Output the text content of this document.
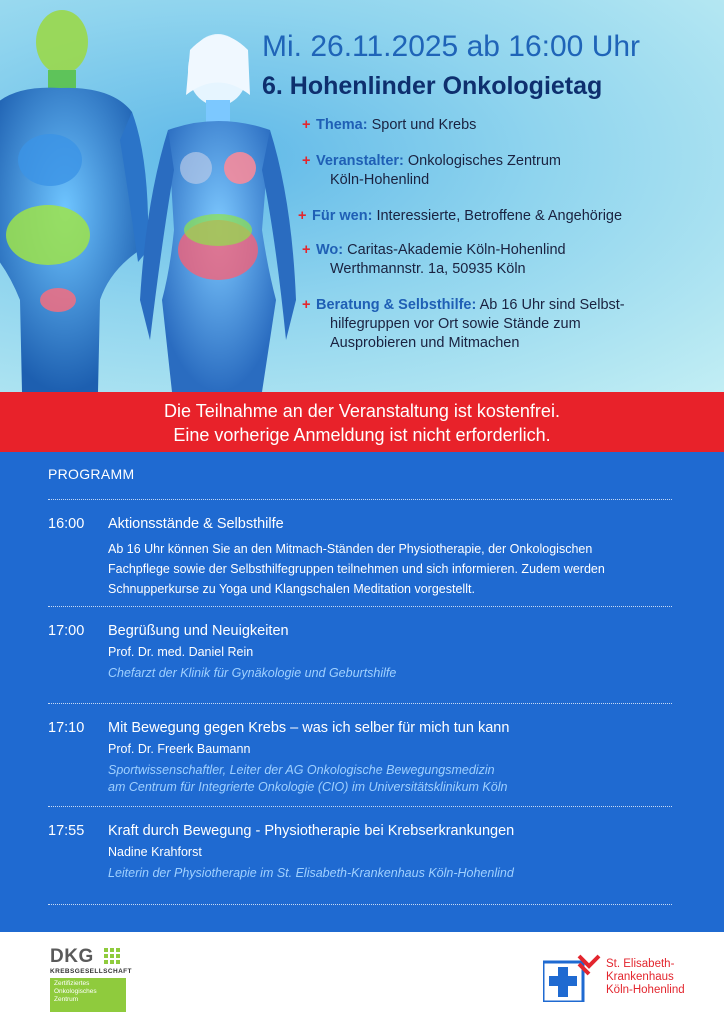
Mi. 26.11.2025 ab 16:00 Uhr
6. Hohenlinder Onkologietag
+ Thema: Sport und Krebs
+ Veranstalter: Onkologisches Zentrum
Köln-Hohenlind
+ Für wen: Interessierte, Betroffene & Angehörige
+ Wo: Caritas-Akademie Köln-Hohenlind
Werthmannstr. 1a, 50935 Köln
+ Beratung & Selbsthilfe: Ab 16 Uhr sind Selbst-
hilfegruppen vor Ort sowie Stände zum
Ausprobieren und Mitmachen
Die Teilnahme an der Veranstaltung ist kostenfrei.
Eine vorherige Anmeldung ist nicht erforderlich.
PROGRAMM
16:00 Aktionsstände & Selbsthilfe
Ab 16 Uhr können Sie an den Mitmach-Ständen der Physiotherapie, der Onkologischen
Fachpflege sowie der Selbsthilfegruppen teilnehmen und sich informieren. Zudem werden
Schnupperkurse zu Yoga und Klangschalen Meditation vorgestellt.
17:00 Begrüßung und Neuigkeiten
Prof. Dr. med. Daniel Rein
Chefarzt der Klinik für Gynäkologie und Geburtshilfe
17:10 Mit Bewegung gegen Krebs – was ich selber für mich tun kann
Prof. Dr. Freerk Baumann
Sportwissenschaftler, Leiter der AG Onkologische Bewegungsmedizin
am Centrum für Integrierte Onkologie (CIO) im Universitätsklinikum Köln
17:55 Kraft durch Bewegung - Physiotherapie bei Krebserkrankungen
Nadine Krahforst
Leiterin der Physiotherapie im St. Elisabeth-Krankenhaus Köln-Hohenlind
DKG
KREBSGESELLSCHAFT
Zertifiziertes
Onkologisches
Zentrum
St. Elisabeth-
Krankenhaus
Köln-Hohenlind
